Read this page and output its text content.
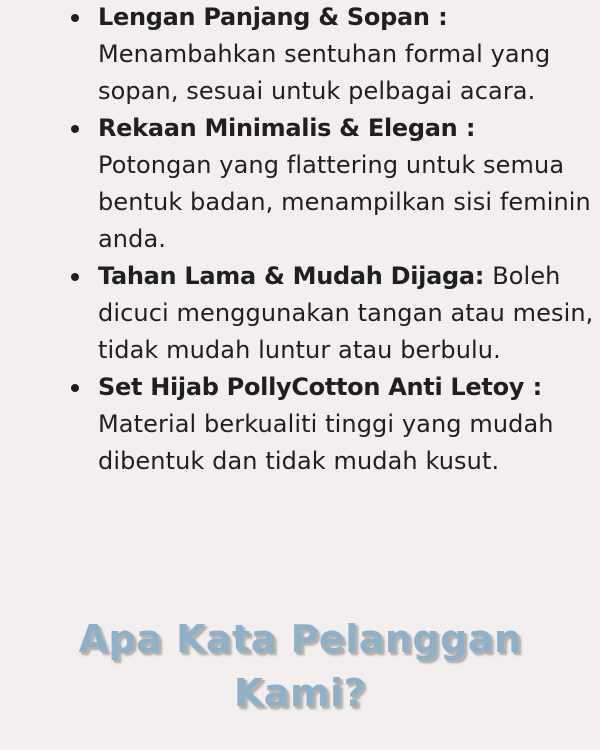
Lengan Panjang & Sopan : Menambahkan sentuhan formal yang sopan, sesuai untuk pelbagai acara.
Rekaan Minimalis & Elegan : Potongan yang flattering untuk semua bentuk badan, menampilkan sisi feminin anda.
Tahan Lama & Mudah Dijaga: Boleh dicuci menggunakan tangan atau mesin, tidak mudah luntur atau berbulu.
Set Hijab PollyCotton Anti Letoy : Material berkualiti tinggi yang mudah dibentuk dan tidak mudah kusut.
Apa Kata Pelanggan Kami?
